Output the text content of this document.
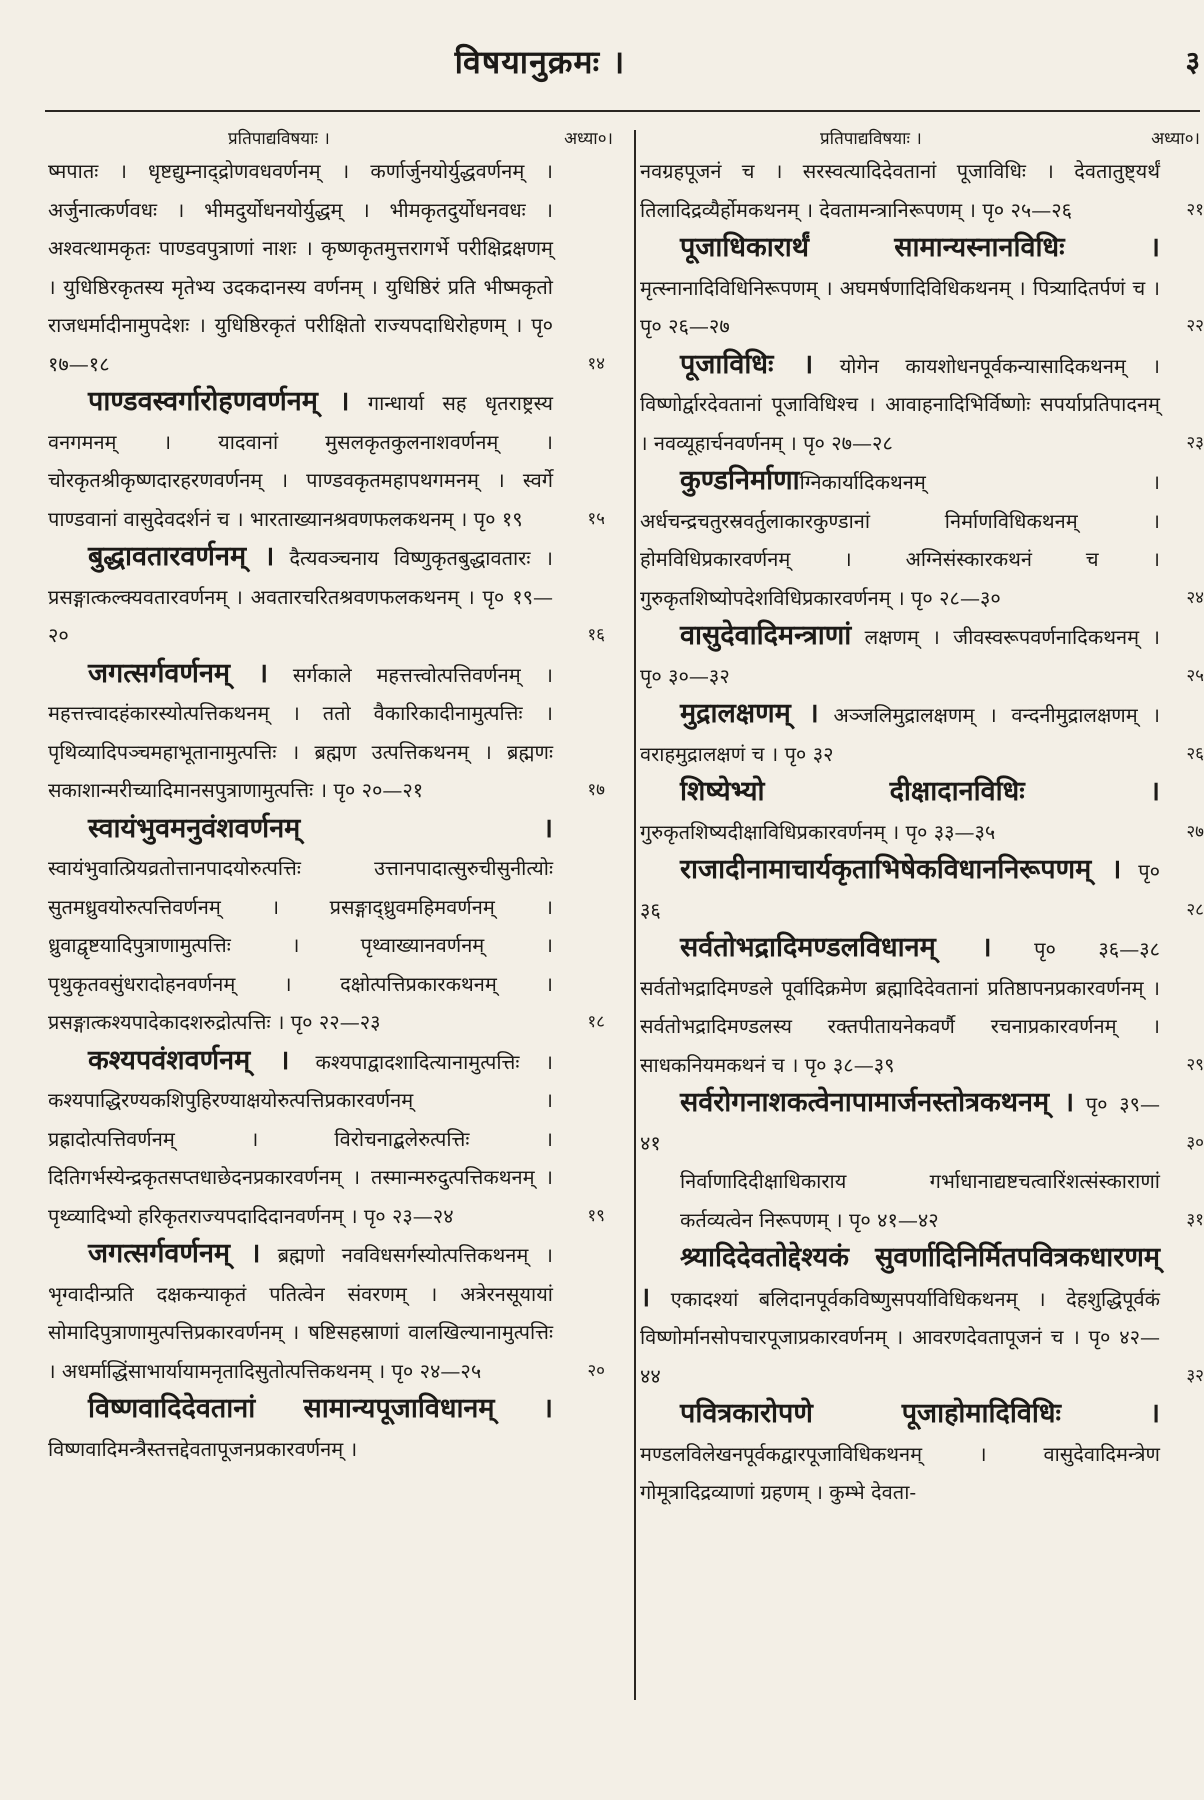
विषयानुक्रमः ।	३
प्रतिपाद्यविषयाः ।	अध्या०।
ष्मपातः । धृष्टद्युम्नाद्द्रोणवधवर्णनम् । कर्णार्जुनयोर्युद्धवर्णनम् । अर्जुनात्कर्णवधः । भीमदुर्योधनयोर्युद्धम् । भीमकृतदुर्योधनवधः । अश्वत्थामकृतः पाण्डवपुत्राणां नाशः । कृष्णकृतमुत्तरागर्भे परीक्षिद्रक्षणम् । युधिष्ठिरकृतस्य मृतेभ्य उदकदानस्य वर्णनम् । युधिष्ठिरं प्रति भीष्मकृतो राजधर्मादीनामुपदेशः । युधिष्ठिरकृतं परीक्षितो राज्यपदाधिरोहणम् । पृ० १७—१८	१४
पाण्डवस्वर्गारोहणवर्णनम् । गान्धार्या सह धृतराष्ट्रस्य वनगमनम् । यादवानां मुसलकृतकुलनाशवर्णनम् । चोरकृतश्रीकृष्णदारहरणवर्णनम् । पाण्डवकृतमहापथगमनम् । स्वर्गे पाण्डवानां वासुदेवदर्शनं च । भारताख्यानश्रवणफलकथनम् । पृ० १९	१५
बुद्धावतारवर्णनम् । दैत्यवञ्चनाय विष्णुकृतबुद्धावतारः । प्रसङ्गात्कल्क्यवतारवर्णनम् । अवतारचरितश्रवणफलकथनम् । पृ० १९—२०	१६
जगत्सर्गवर्णनम् । सर्गकाले महत्तत्त्वोत्पत्तिवर्णनम् । महत्तत्त्वादहंकारस्योत्पत्तिकथनम् । ततो वैकारिकादीनामुत्पत्तिः । पृथिव्यादिपञ्चमहाभूतानामुत्पत्तिः । ब्रह्मण उत्पत्तिकथनम् । ब्रह्मणः सकाशान्मरीच्यादिमानसपुत्राणामुत्पत्तिः । पृ० २०—२१	१७
स्वायंभुवमनुवंशवर्णनम् । स्वायंभुवात्प्रियव्रतोत्तानपादयोरुत्पत्तिः उत्तानपादात्सुरुचीसुनीत्योः सुतमध्रुवयोरुत्पत्तिवर्णनम् । प्रसङ्गाद्ध्रुवमहिमवर्णनम् । ध्रुवाद्वृष्टयादिपुत्राणामुत्पत्तिः । पृथ्वाख्यानवर्णनम् । पृथुकृतवसुंधरादोहनवर्णनम् । दक्षोत्पत्तिप्रकारकथनम् । प्रसङ्गात्कश्यपादेकादशरुद्रोत्पत्तिः । पृ० २२—२३	१८
कश्यपवंशवर्णनम् । कश्यपाद्वादशादित्यानामुत्पत्तिः । कश्यपाद्धिरण्यकशिपुहिरण्याक्षयोरुत्पत्तिप्रकारवर्णनम् । प्रह्रादोत्पत्तिवर्णनम् । विरोचनाद्बलेरुत्पत्तिः । दितिगर्भस्येन्द्रकृतसप्तधाछेदनप्रकारवर्णनम् । तस्मान्मरुदुत्पत्तिकथनम् । पृथ्व्यादिभ्यो हरिकृतराज्यपदादिदानवर्णनम् । पृ० २३—२४	१९
जगत्सर्गवर्णनम् । ब्रह्मणो नवविधसर्गस्योत्पत्तिकथनम् । भृग्वादीन्प्रति दक्षकन्याकृतं पतित्वेन संवरणम् । अत्रेरनसूयायां सोमादिपुत्राणामुत्पत्तिप्रकारवर्णनम् । षष्टिसहस्राणां वालखिल्यानामुत्पत्तिः । अधर्माद्धिंसाभार्यायामनृतादिसुतोत्पत्तिकथनम् । पृ० २४—२५	२०
विष्णवादिदेवतानां सामान्यपूजाविधानम् । विष्णवादिमन्त्रैस्तत्तद्देवतापूजनप्रकारवर्णनम् ।
प्रतिपाद्यविषयाः ।	अध्या०।
नवग्रहपूजनं च । सरस्वत्यादिदेवतानां पूजाविधिः । देवतातुष्ट्यर्थं तिलादिद्रव्यैर्होमकथनम् । देवतामन्त्रानिरूपणम् । पृ० २५—२६	२१
पूजाधिकारार्थं सामान्यस्नानविधिः । मृत्स्नानादिविधिनिरूपणम् । अघमर्षणादिविधिकथनम् । पित्र्यादितर्पणं च । पृ० २६—२७	२२
पूजाविधिः । योगेन कायशोधनपूर्वकन्यासादिकथनम् । विष्णोर्द्वारदेवतानां पूजाविधिश्च । आवाहनादिभिर्विष्णोः सपर्याप्रतिपादनम् । नवव्यूहार्चनवर्णनम् । पृ० २७—२८	२३
कुण्डनिर्माणाग्निकार्यादिकथनम् । अर्धचन्द्रचतुरस्रवर्तुलाकारकुण्डानां निर्माणविधिकथनम् । होमविधिप्रकारवर्णनम् । अग्निसंस्कारकथनं च । गुरुकृतशिष्योपदेशविधिप्रकारवर्णनम् । पृ० २८—३०	२४
वासुदेवादिमन्त्राणां लक्षणम् । जीवस्वरूपवर्णनादिकथनम् । पृ० ३०—३२	२५
मुद्रालक्षणम् । अञ्जलिमुद्रालक्षणम् । वन्दनीमुद्रालक्षणम् । वराहमुद्रालक्षणं च । पृ० ३२	२६
शिष्येभ्यो दीक्षादानविधिः । गुरुकृतशिष्यदीक्षाविधिप्रकारवर्णनम् । पृ० ३३—३५	२७
राजादीनामाचार्यकृताभिषेकविधाननिरूपणम् । पृ० ३६	२८
सर्वतोभद्रादिमण्डलविधानम् । पृ० ३६—३८ सर्वतोभद्रादिमण्डले पूर्वादिक्रमेण ब्रह्मादिदेवतानां प्रतिष्ठापनप्रकारवर्णनम् । सर्वतोभद्रादिमण्डलस्य रक्तपीतायनेकवर्णै रचनाप्रकारवर्णनम् । साधकनियमकथनं च । पृ० ३८—३९	२९
सर्वरोगनाशकत्वेनापामार्जनस्तोत्रकथनम् । पृ० ३९—४१	३०
निर्वाणादिदीक्षाधिकाराय गर्भाधानाद्यष्टचत्वारिंशत्संस्काराणां कर्तव्यत्वेन निरूपणम् । पृ० ४१—४२	३१
श्र्यादिदेवतोद्देश्यकं सुवर्णादिनिर्मितपवित्रकधारणम् । एकादश्यां बलिदानपूर्वकविष्णुसपर्याविधिकथनम् । देहशुद्धिपूर्वकं विष्णोर्मानसोपचारपूजाप्रकारवर्णनम् । आवरणदेवतापूजनं च । पृ० ४२—४४	३२
पवित्रकारोपणे पूजाहोमादिविधिः । मण्डलविलेखनपूर्वकद्वारपूजाविधिकथनम् । वासुदेवादिमन्त्रेण गोमूत्रादिद्रव्याणां ग्रहणम् । कुम्भे देवता-
